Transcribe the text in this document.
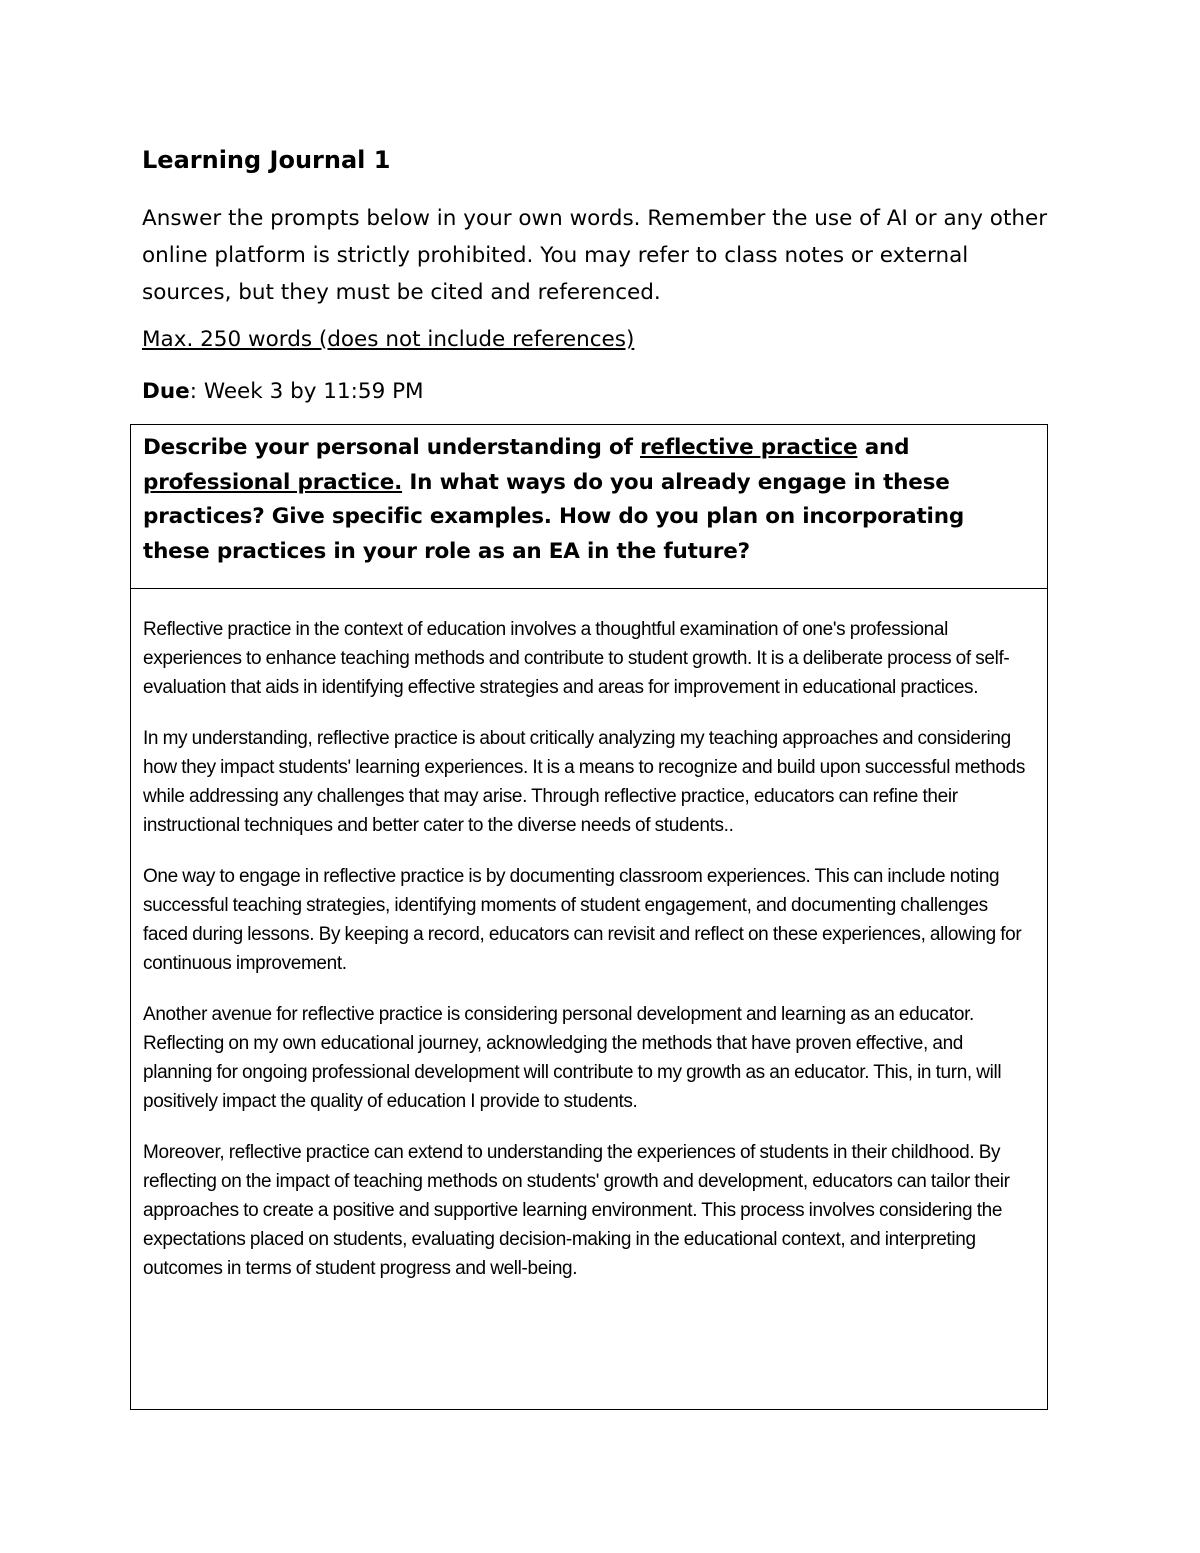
Learning Journal 1

Answer the prompts below in your own words. Remember the use of AI or any other online platform is strictly prohibited. You may refer to class notes or external sources, but they must be cited and referenced.

Max. 250 words (does not include references)

Due: Week 3 by 11:59 PM

Describe your personal understanding of reflective practice and professional practice. In what ways do you already engage in these practices? Give specific examples. How do you plan on incorporating these practices in your role as an EA in the future?

Reflective practice in the context of education involves a thoughtful examination of one's professional experiences to enhance teaching methods and contribute to student growth. It is a deliberate process of self-evaluation that aids in identifying effective strategies and areas for improvement in educational practices.

In my understanding, reflective practice is about critically analyzing my teaching approaches and considering how they impact students' learning experiences. It is a means to recognize and build upon successful methods while addressing any challenges that may arise. Through reflective practice, educators can refine their instructional techniques and better cater to the diverse needs of students..

One way to engage in reflective practice is by documenting classroom experiences. This can include noting successful teaching strategies, identifying moments of student engagement, and documenting challenges faced during lessons. By keeping a record, educators can revisit and reflect on these experiences, allowing for continuous improvement.

Another avenue for reflective practice is considering personal development and learning as an educator. Reflecting on my own educational journey, acknowledging the methods that have proven effective, and planning for ongoing professional development will contribute to my growth as an educator. This, in turn, will positively impact the quality of education I provide to students.

Moreover, reflective practice can extend to understanding the experiences of students in their childhood. By reflecting on the impact of teaching methods on students' growth and development, educators can tailor their approaches to create a positive and supportive learning environment. This process involves considering the expectations placed on students, evaluating decision-making in the educational context, and interpreting outcomes in terms of student progress and well-being.
